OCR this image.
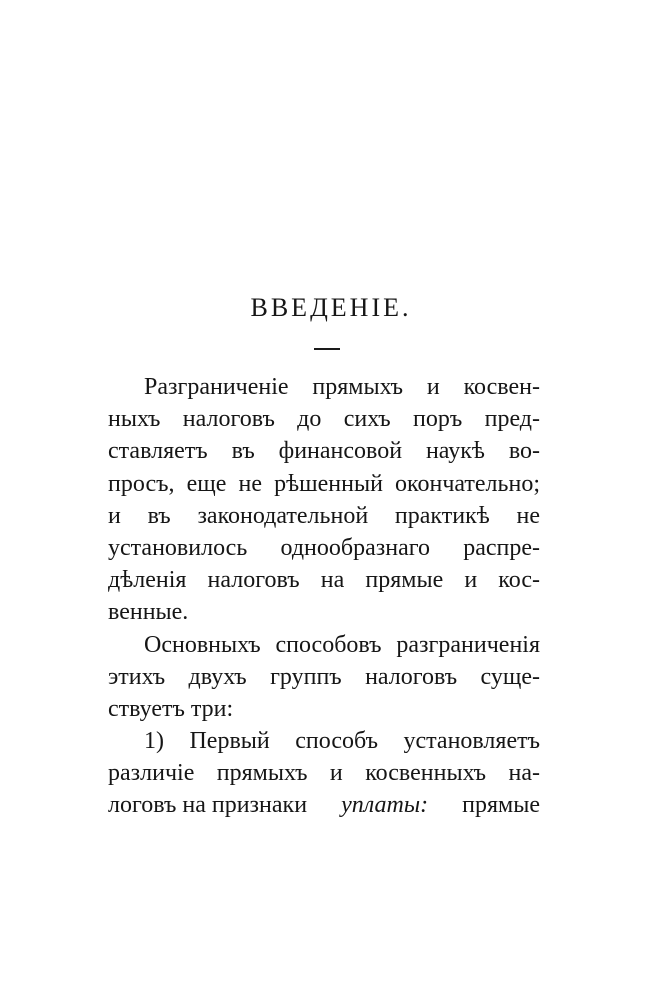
ВВЕДЕНІЕ.
Разграниченіе прямыхъ и косвен-
ныхъ налоговъ до сихъ поръ пред-
ставляетъ въ финансовой наукѣ во-
просъ, еще не рѣшенный окончательно;
и въ законодательной практикѣ не
установилось однообразнаго распре-
дѣленія налоговъ на прямые и кос-
венные.
Основныхъ способовъ разграниченія
этихъ двухъ группъ налоговъ суще-
ствуетъ три:
1) Первый способъ установляетъ
различіе прямыхъ и косвенныхъ на-
логовъ на признаки уплаты: прямые
